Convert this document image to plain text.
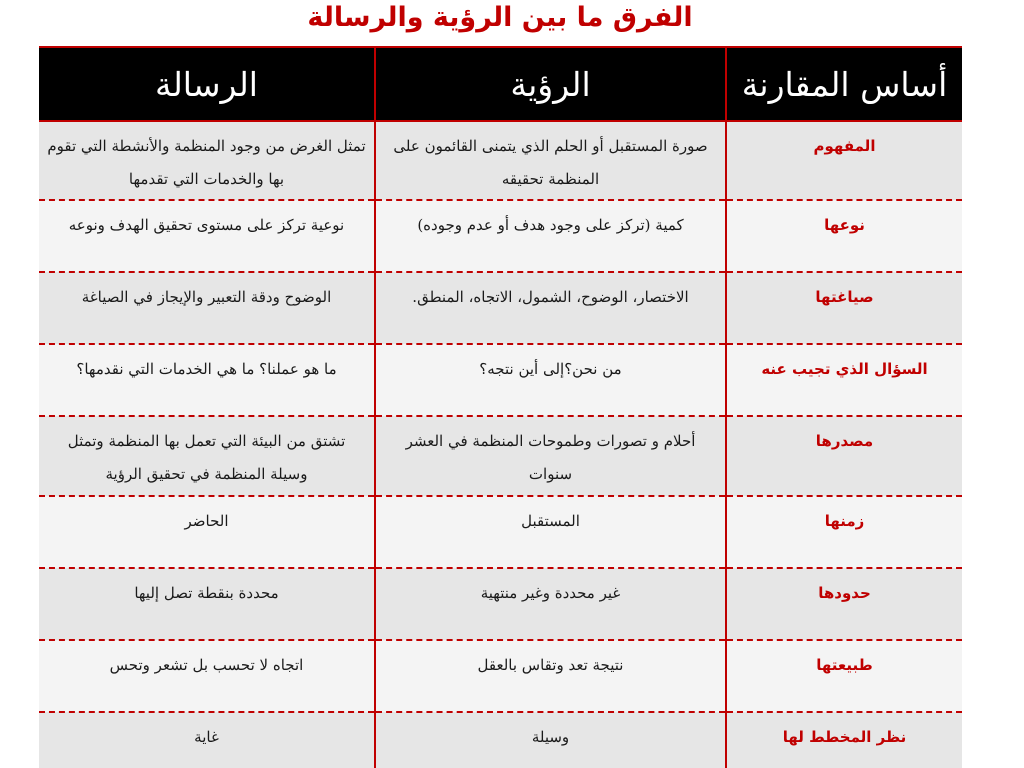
الفرق ما بين الرؤية والرسالة
أساس المقارنة	الرؤية	الرسالة
المفهوم	صورة المستقبل أو الحلم الذي يتمنى القائمون على المنظمة تحقيقه	تمثل الغرض من وجود المنظمة والأنشطة التي تقوم بها والخدمات التي تقدمها
نوعها	كمية (تركز على وجود هدف أو عدم وجوده)	نوعية تركز على مستوى تحقيق الهدف ونوعه
صياغتها	الاختصار، الوضوح، الشمول، الاتجاه، المنطق.	الوضوح ودقة التعبير والإيجاز في الصياغة
السؤال الذي تجيب عنه	من نحن؟إلى أين نتجه؟	ما هو عملنا؟ ما هي الخدمات التي نقدمها؟
مصدرها	أحلام و تصورات وطموحات المنظمة في العشر سنوات	تشتق من البيئة التي تعمل بها المنظمة وتمثل وسيلة المنظمة في تحقيق الرؤية
زمنها	المستقبل	الحاضر
حدودها	غير محددة وغير منتهية	محددة بنقطة تصل إليها
طبيعتها	نتيجة تعد وتقاس بالعقل	اتجاه لا تحسب بل تشعر وتحس
نظر المخطط لها	وسيلة	غاية
